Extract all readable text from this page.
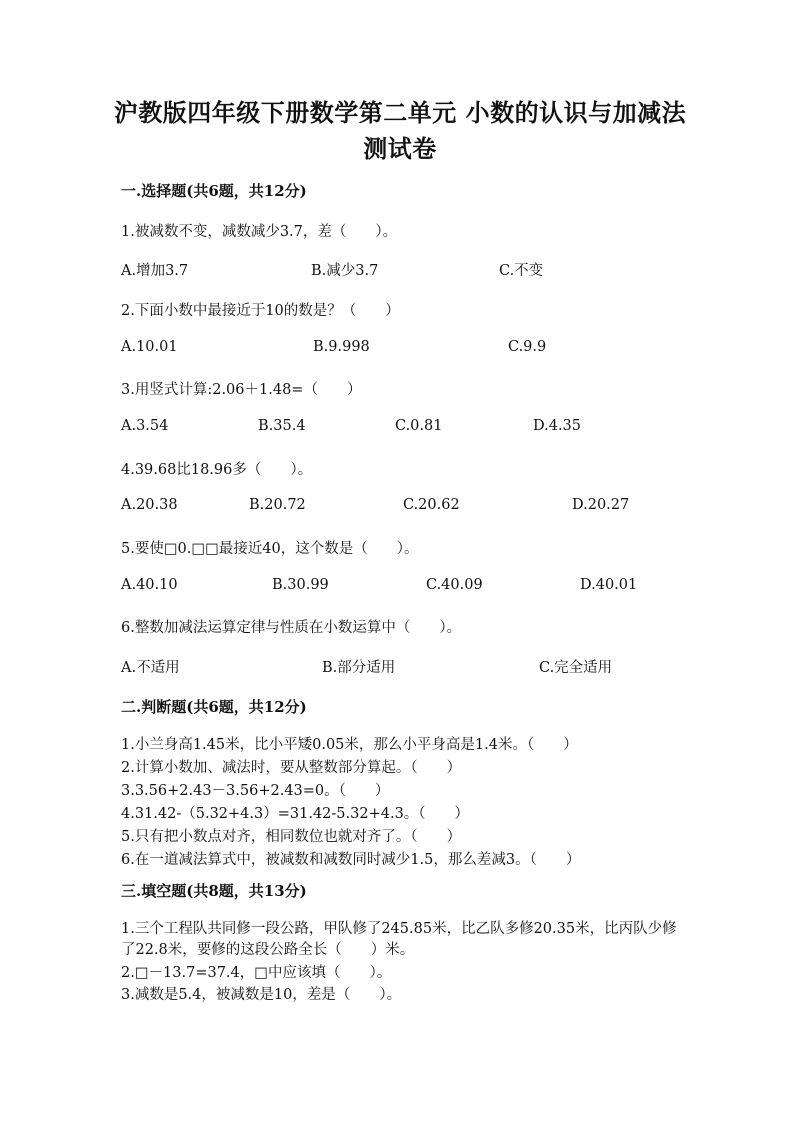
沪教版四年级下册数学第二单元 小数的认识与加减法 测试卷
一.选择题(共6题，共12分)
1.被减数不变，减数减少3.7，差（　　）。
A.增加3.7	B.减少3.7	C.不变
2.下面小数中最接近于10的数是？（　　）
A.10.01	B.9.998	C.9.9
3.用竖式计算:2.06＋1.48=（　　）
A.3.54	B.35.4	C.0.81	D.4.35
4.39.68比18.96多（　　）。
A.20.38	B.20.72	C.20.62	D.20.27
5.要使□0.□□最接近40，这个数是（　　）。
A.40.10	B.30.99	C.40.09	D.40.01
6.整数加减法运算定律与性质在小数运算中（　　）。
A.不适用	B.部分适用	C.完全适用
二.判断题(共6题，共12分)
1.小兰身高1.45米，比小平矮0.05米，那么小平身高是1.4米。（　　）
2.计算小数加、减法时，要从整数部分算起。（　　）
3.3.56+2.43－3.56+2.43=0。（　　）
4.31.42-（5.32+4.3）=31.42-5.32+4.3。（　　）
5.只有把小数点对齐，相同数位也就对齐了。（　　）
6.在一道减法算式中，被减数和减数同时减少1.5，那么差减3。（　　）
三.填空题(共8题，共13分)
1.三个工程队共同修一段公路，甲队修了245.85米，比乙队多修20.35米，比丙队少修了22.8米，要修的这段公路全长（　　）米。
2.□－13.7=37.4，□中应该填（　　）。
3.减数是5.4，被减数是10，差是（　　）。
